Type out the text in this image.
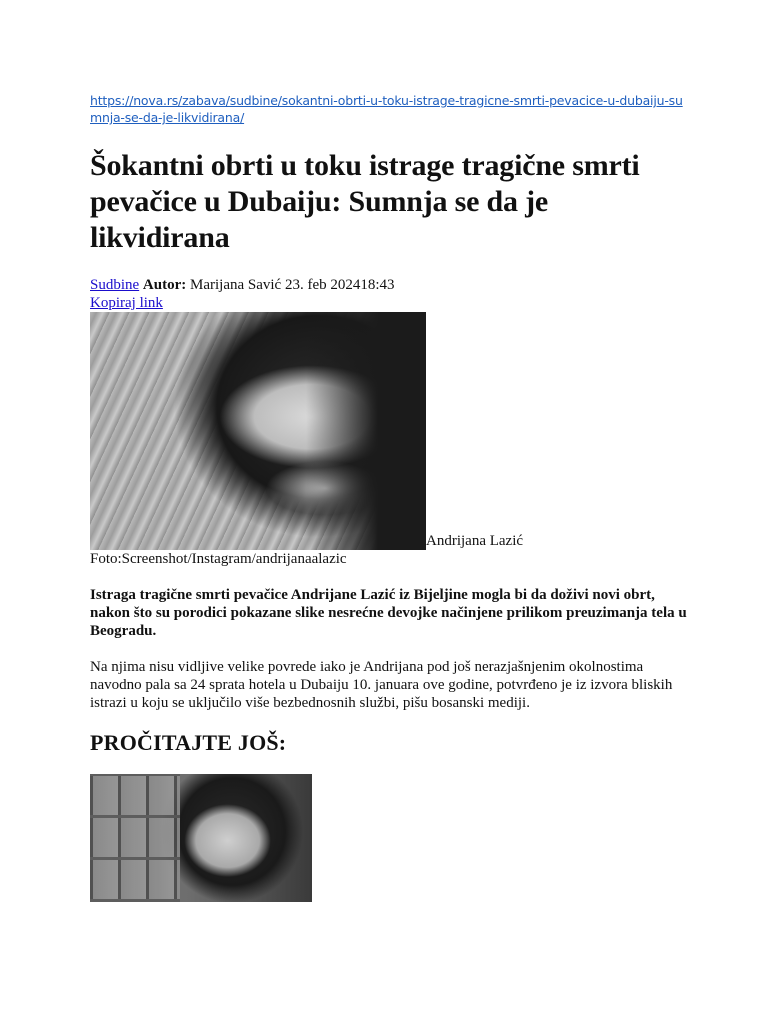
https://nova.rs/zabava/sudbine/sokantni-obrti-u-toku-istrage-tragicne-smrti-pevacice-u-dubaiju-sumnja-se-da-je-likvidirana/
Šokantni obrti u toku istrage tragične smrti pevačice u Dubaiju: Sumnja se da je likvidirana
Sudbine Autor: Marijana Savić 23. feb 202418:43
Kopiraj link
Andrijana Lazić
Foto:Screenshot/Instagram/andrijanaalazic

Istraga tragične smrti pevačice Andrijane Lazić iz Bijeljine mogla bi da doživi novi obrt, nakon što su porodici pokazane slike nesrećne devojke načinjene prilikom preuzimanja tela u Beogradu.

Na njima nisu vidljive velike povrede iako je Andrijana pod još nerazjašnjenim okolnostima navodno pala sa 24 sprata hotela u Dubaiju 10. januara ove godine, potvrđeno je iz izvora bliskih istrazi u koju se uključilo više bezbednosnih službi, pišu bosanski mediji.

PROČITAJTE JOŠ:
